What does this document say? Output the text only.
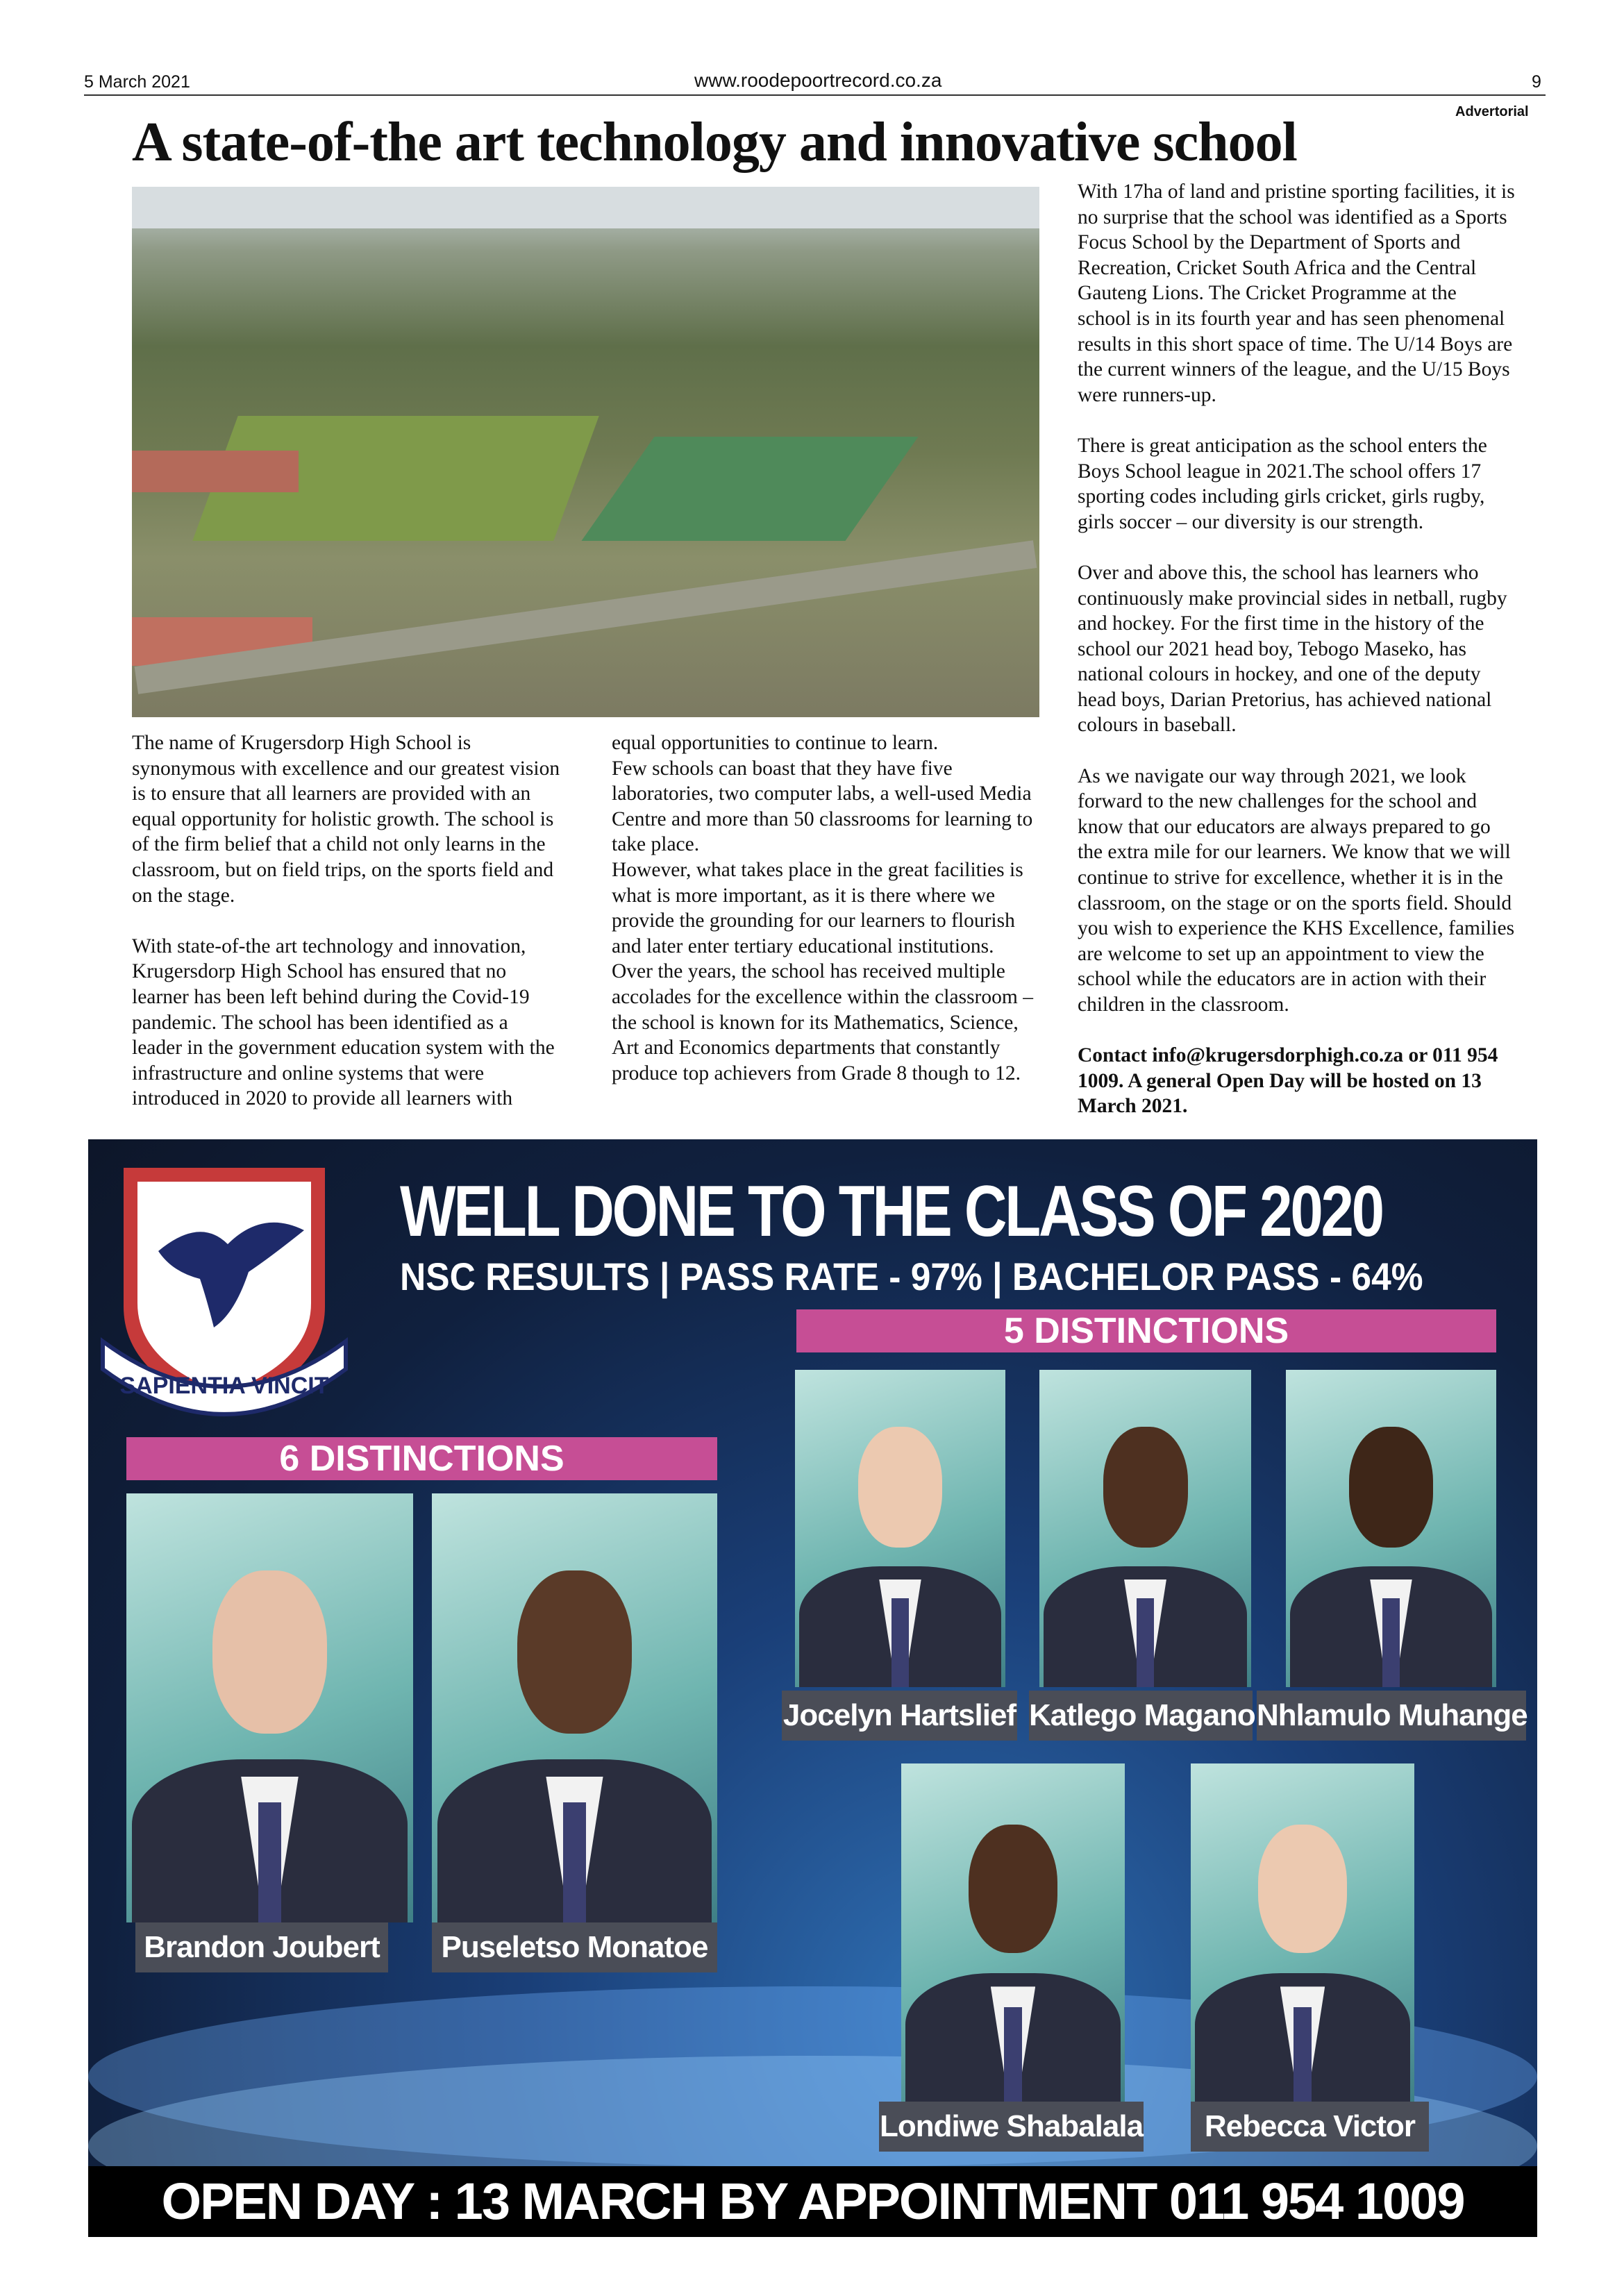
5 March 2021	www.roodepoortrecord.co.za	9
Advertorial
A state-of-the art technology and innovative school

The name of Krugersdorp High School is synonymous with excellence and our greatest vision is to ensure that all learners are provided with an equal opportunity for holistic growth. The school is of the firm belief that a child not only learns in the classroom, but on field trips, on the sports field and on the stage.

With state-of-the art technology and innovation, Krugersdorp High School has ensured that no learner has been left behind during the Covid-19 pandemic. The school has been identified as a leader in the government education system with the infrastructure and online systems that were introduced in 2020 to provide all learners with

equal opportunities to continue to learn.

Few schools can boast that they have five laboratories, two computer labs, a well-used Media Centre and more than 50 classrooms for learning to take place.

However, what takes place in the great facilities is what is more important, as it is there where we provide the grounding for our learners to flourish and later enter tertiary educational institutions.

Over the years, the school has received multiple accolades for the excellence within the classroom – the school is known for its Mathematics, Science, Art and Economics departments that constantly produce top achievers from Grade 8 though to 12.

With 17ha of land and pristine sporting facilities, it is no surprise that the school was identified as a Sports Focus School by the Department of Sports and Recreation, Cricket South Africa and the Central Gauteng Lions. The Cricket Programme at the school is in its fourth year and has seen phenomenal results in this short space of time. The U/14 Boys are the current winners of the league, and the U/15 Boys were runners-up.

There is great anticipation as the school enters the Boys School league in 2021.The school offers 17 sporting codes including girls cricket, girls rugby, girls soccer – our diversity is our strength.

Over and above this, the school has learners who continuously make provincial sides in netball, rugby and hockey. For the first time in the history of the school our 2021 head boy, Tebogo Maseko, has national colours in hockey, and one of the deputy head boys, Darian Pretorius, has achieved national colours in baseball.

As we navigate our way through 2021, we look forward to the new challenges for the school and know that our educators are always prepared to go the extra mile for our learners. We know that we will continue to strive for excellence, whether it is in the classroom, on the stage or on the sports field. Should you wish to experience the KHS Excellence, families are welcome to set up an appointment to view the school while the educators are in action with their children in the classroom.

Contact info@krugersdorphigh.co.za or 011 954 1009. A general Open Day will be hosted on 13 March 2021.

SAPIENTIA VINCIT
WELL DONE TO THE CLASS OF 2020
NSC RESULTS | PASS RATE - 97% | BACHELOR PASS - 64%
5 DISTINCTIONS
6 DISTINCTIONS
Brandon Joubert	Puseletso Monatoe
Jocelyn Hartslief Katlego Magano Nhlamulo Muhange
Londiwe Shabalala	Rebecca Victor
OPEN DAY : 13 MARCH BY APPOINTMENT 011 954 1009
